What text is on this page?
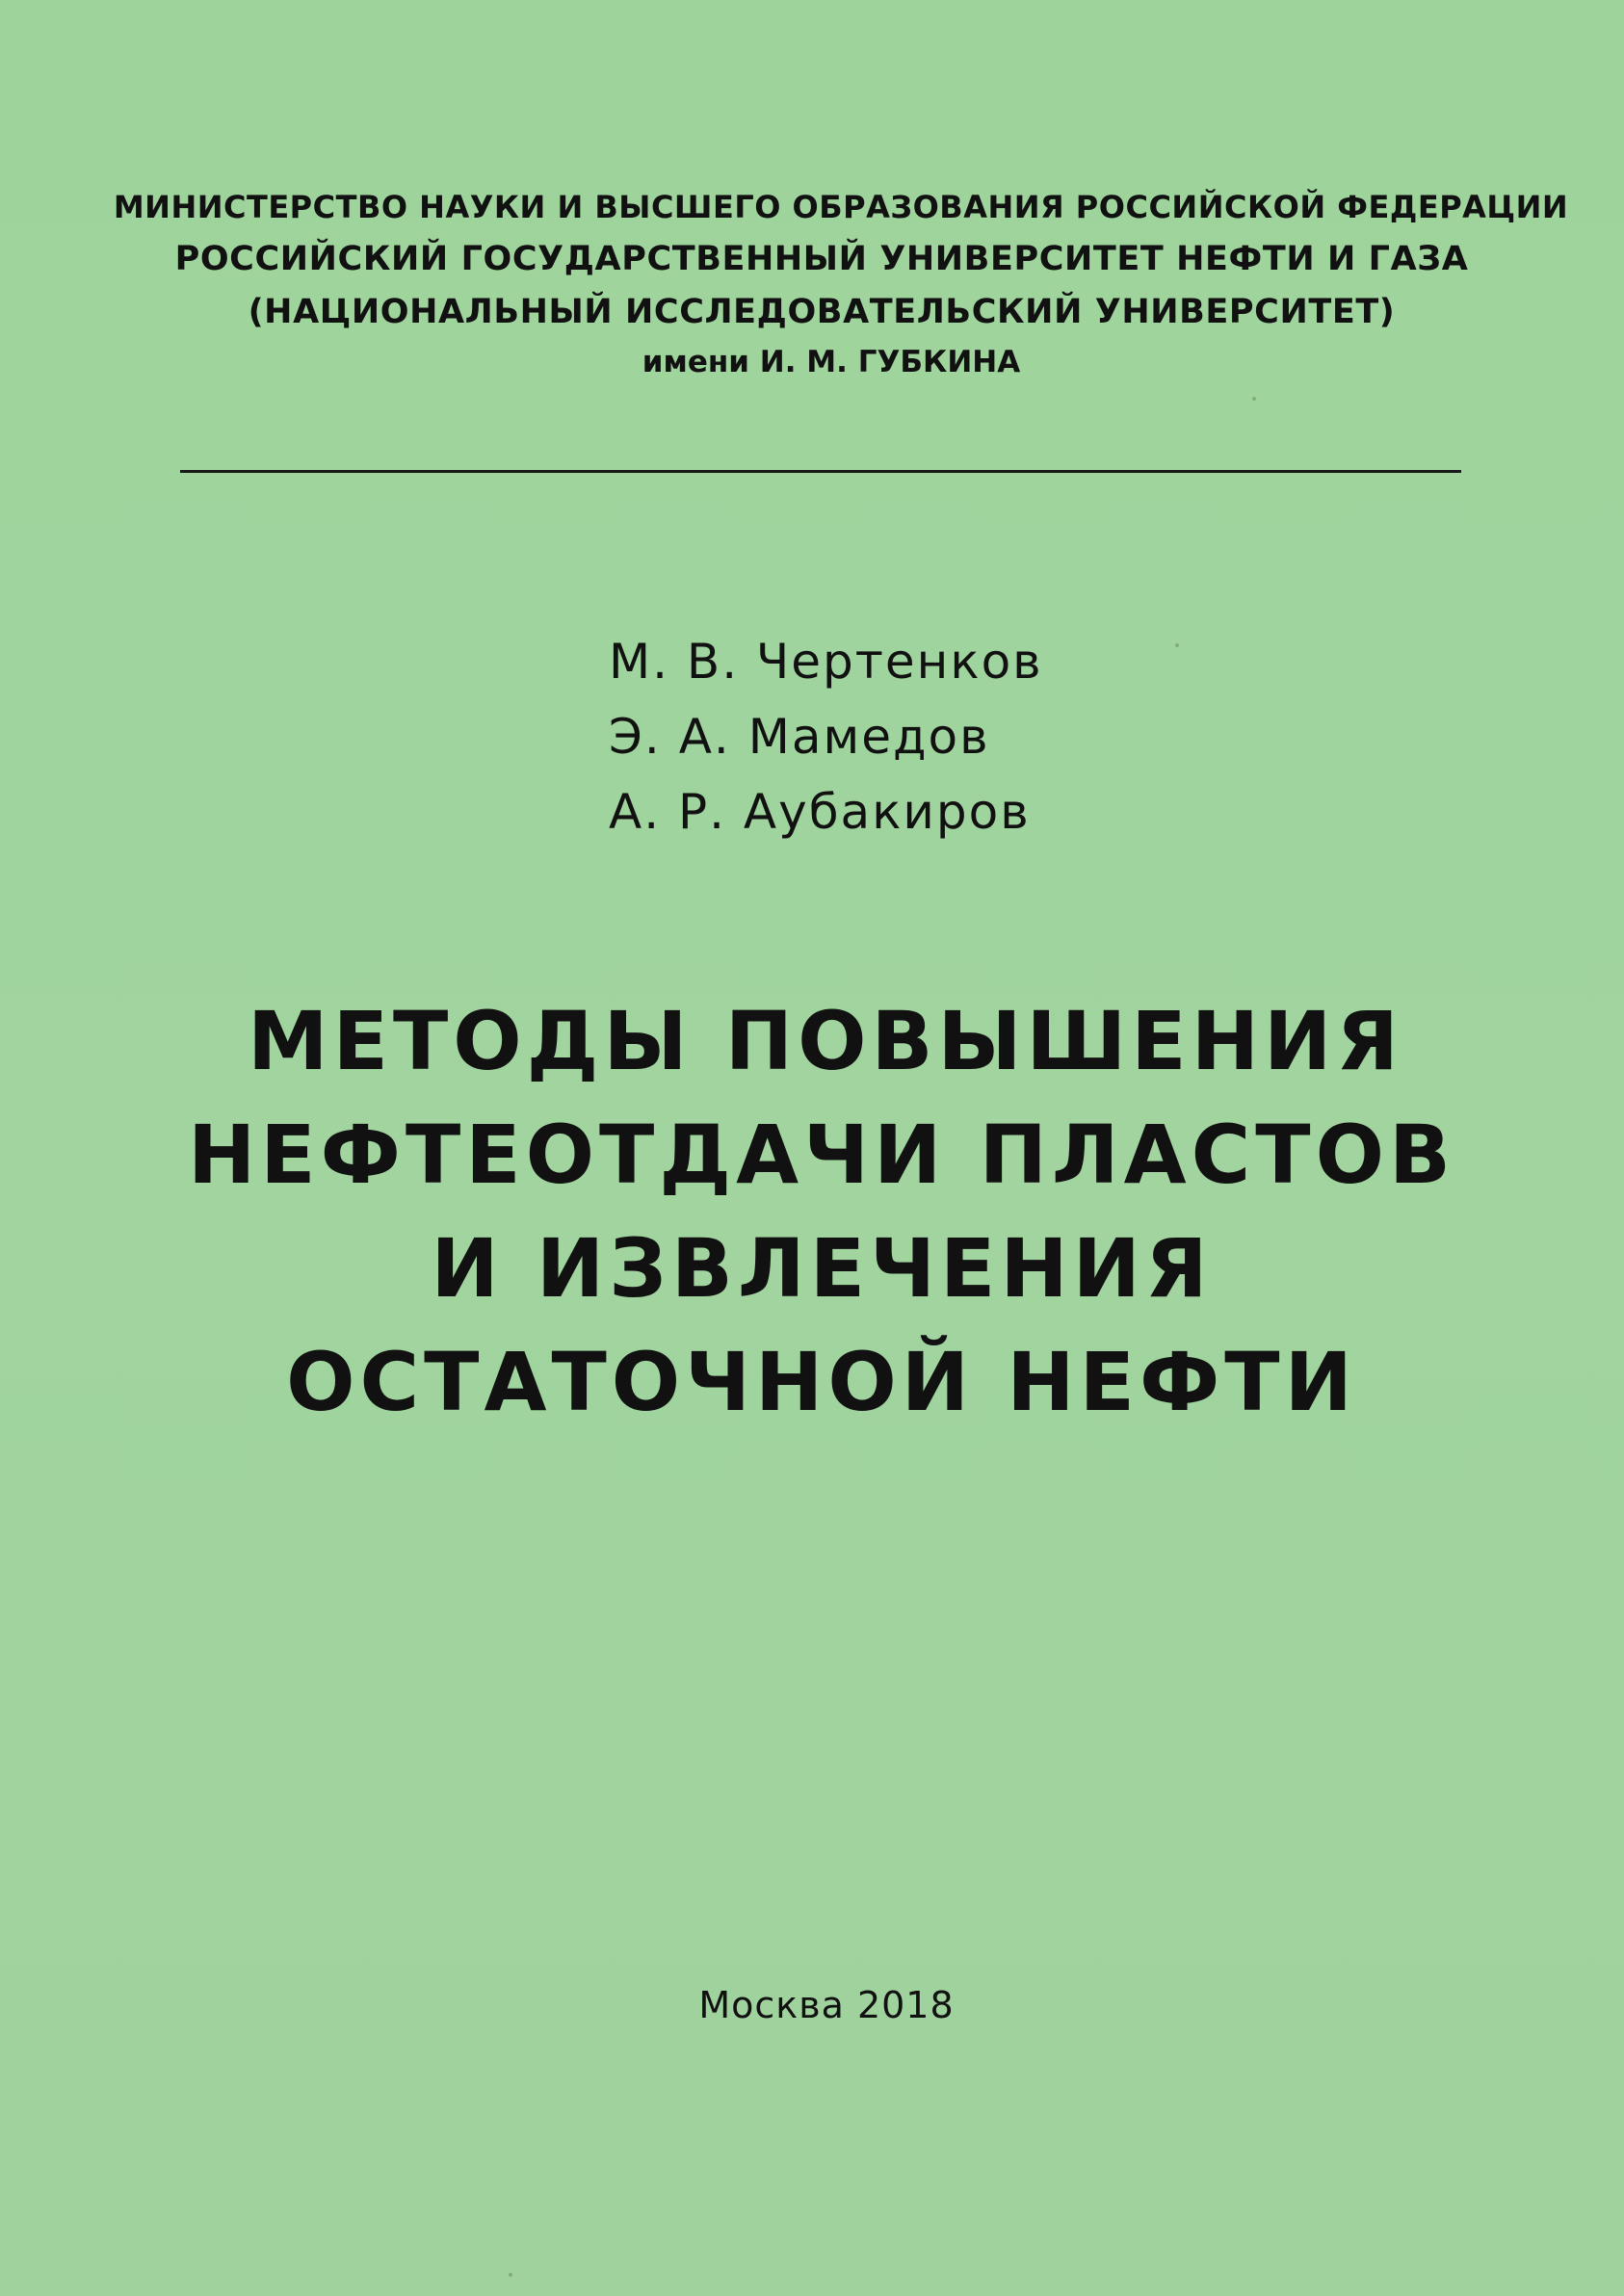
МИНИСТЕРСТВО НАУКИ И ВЫСШЕГО ОБРАЗОВАНИЯ РОССИЙСКОЙ ФЕДЕРАЦИИ
РОССИЙСКИЙ ГОСУДАРСТВЕННЫЙ УНИВЕРСИТЕТ НЕФТИ И ГАЗА
(НАЦИОНАЛЬНЫЙ ИССЛЕДОВАТЕЛЬСКИЙ УНИВЕРСИТЕТ)
имени И. М. ГУБКИНА
М. В. Чертенков
Э. А. Мамедов
А. Р. Аубакиров
МЕТОДЫ ПОВЫШЕНИЯ
НЕФТЕОТДАЧИ ПЛАСТОВ
И ИЗВЛЕЧЕНИЯ
ОСТАТОЧНОЙ НЕФТИ
Москва 2018
